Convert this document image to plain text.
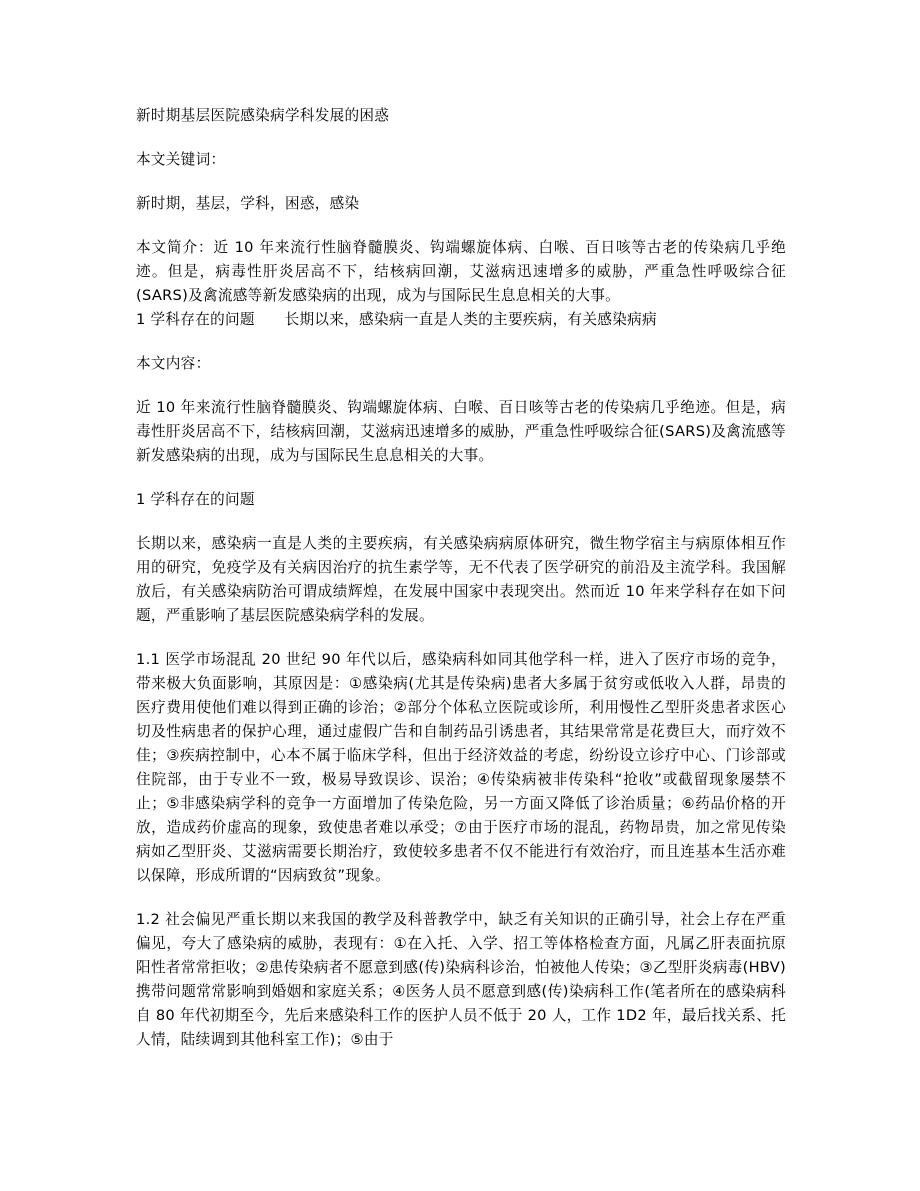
新时期基层医院感染病学科发展的困惑

本文关键词：

新时期，基层，学科，困惑，感染

本文简介：近 10 年来流行性脑脊髓膜炎、钩端螺旋体病、白喉、百日咳等古老的传染病几乎绝迹。但是，病毒性肝炎居高不下，结核病回潮，艾滋病迅速增多的威胁，严重急性呼吸综合征(SARS)及禽流感等新发感染病的出现，成为与国际民生息息相关的大事。

1 学科存在的问题　　长期以来，感染病一直是人类的主要疾病，有关感染病病

本文内容：

近 10 年来流行性脑脊髓膜炎、钩端螺旋体病、白喉、百日咳等古老的传染病几乎绝迹。但是，病毒性肝炎居高不下，结核病回潮，艾滋病迅速增多的威胁，严重急性呼吸综合征(SARS)及禽流感等新发感染病的出现，成为与国际民生息息相关的大事。

1 学科存在的问题

长期以来，感染病一直是人类的主要疾病，有关感染病病原体研究，微生物学宿主与病原体相互作用的研究，免疫学及有关病因治疗的抗生素学等，无不代表了医学研究的前沿及主流学科。我国解放后，有关感染病防治可谓成绩辉煌，在发展中国家中表现突出。然而近 10 年来学科存在如下问题，严重影响了基层医院感染病学科的发展。

1.1 医学市场混乱 20 世纪 90 年代以后，感染病科如同其他学科一样，进入了医疗市场的竞争，带来极大负面影响，其原因是：①感染病(尤其是传染病)患者大多属于贫穷或低收入人群，昂贵的医疗费用使他们难以得到正确的诊治；②部分个体私立医院或诊所，利用慢性乙型肝炎患者求医心切及性病患者的保护心理，通过虚假广告和自制药品引诱患者，其结果常常是花费巨大，而疗效不佳；③疾病控制中，心本不属于临床学科，但出于经济效益的考虑，纷纷设立诊疗中心、门诊部或住院部，由于专业不一致，极易导致误诊、误治；④传染病被非传染科“抢收”或截留现象屡禁不止；⑤非感染病学科的竞争一方面增加了传染危险，另一方面又降低了诊治质量；⑥药品价格的开放，造成药价虚高的现象，致使患者难以承受；⑦由于医疗市场的混乱，药物昂贵，加之常见传染病如乙型肝炎、艾滋病需要长期治疗，致使较多患者不仅不能进行有效治疗，而且连基本生活亦难以保障，形成所谓的“因病致贫”现象。

1.2 社会偏见严重长期以来我国的教学及科普教学中，缺乏有关知识的正确引导，社会上存在严重偏见，夸大了感染病的威胁，表现有：①在入托、入学、招工等体格检查方面，凡属乙肝表面抗原阳性者常常拒收；②患传染病者不愿意到感(传)染病科诊治，怕被他人传染；③乙型肝炎病毒(HBV)携带问题常常影响到婚姻和家庭关系；④医务人员不愿意到感(传)染病科工作(笔者所在的感染病科自 80 年代初期至今，先后来感染科工作的医护人员不低于 20 人，工作 1D2 年，最后找关系、托人情，陆续调到其他科室工作)；⑤由于
